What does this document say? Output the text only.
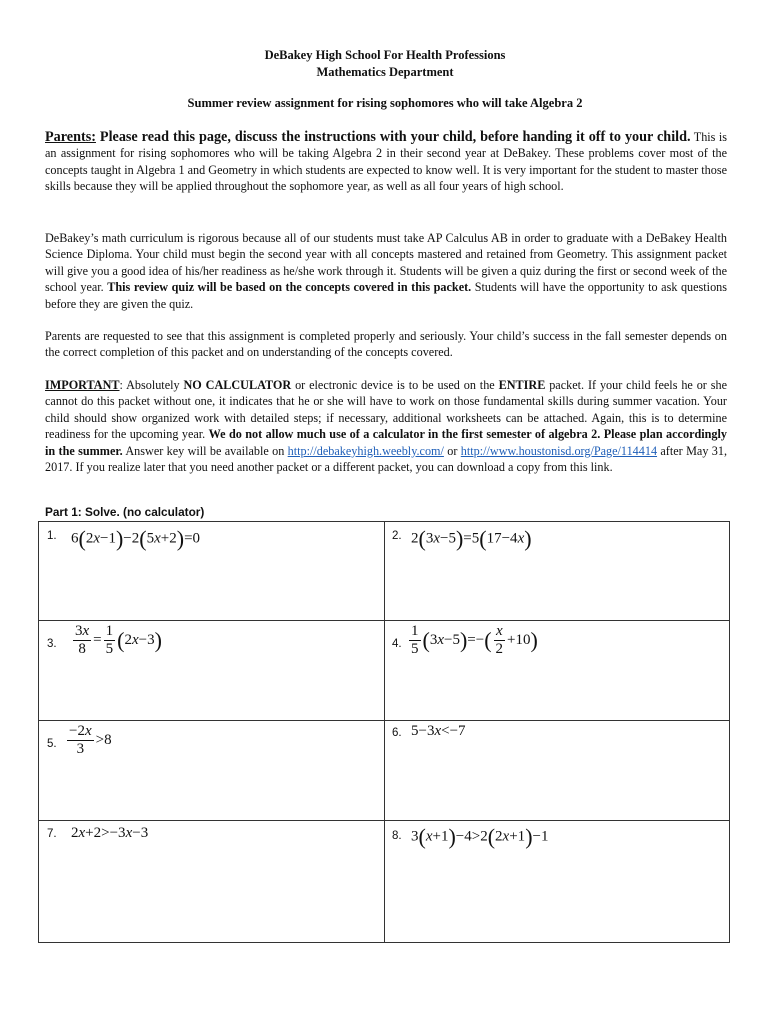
DeBakey High School For Health Professions
Mathematics Department
Summer review assignment for rising sophomores who will take Algebra 2
Parents: Please read this page, discuss the instructions with your child, before handing it off to your child. This is an assignment for rising sophomores who will be taking Algebra 2 in their second year at DeBakey. These problems cover most of the concepts taught in Algebra 1 and Geometry in which students are expected to know well. It is very important for the student to master those skills because they will be applied throughout the sophomore year, as well as all four years of high school.
DeBakey’s math curriculum is rigorous because all of our students must take AP Calculus AB in order to graduate with a DeBakey Health Science Diploma. Your child must begin the second year with all concepts mastered and retained from Geometry. This assignment packet will give you a good idea of his/her readiness as he/she work through it. Students will be given a quiz during the first or second week of the school year. This review quiz will be based on the concepts covered in this packet. Students will have the opportunity to ask questions before they are given the quiz.
Parents are requested to see that this assignment is completed properly and seriously. Your child’s success in the fall semester depends on the correct completion of this packet and on understanding of the concepts covered.
IMPORTANT: Absolutely NO CALCULATOR or electronic device is to be used on the ENTIRE packet. If your child feels he or she cannot do this packet without one, it indicates that he or she will have to work on those fundamental skills during summer vacation. Your child should show organized work with detailed steps; if necessary, additional worksheets can be attached. Again, this is to determine readiness for the upcoming year. We do not allow much use of a calculator in the first semester of algebra 2. Please plan accordingly in the summer. Answer key will be available on http://debakeyhigh.weebly.com/ or http://www.houstonisd.org/Page/114414 after May 31, 2017. If you realize later that you need another packet or a different packet, you can download a copy from this link.
Part 1: Solve. (no calculator)
1. 6(2x−1)−2(5x+2)=0	2. 2(3x−5)=5(17−4x)
3. $\frac{3x}{8} = \frac{1}{5} (2x-3)$	4. $\frac{1}{5} (3x-5)=-( \frac{x}{2} +10)$
5. $\frac{-2x}{3} >8$	6. 5−3x<−7
7. 2x+2>−3x−3	8. 3(x+1)−4>2(2x+1)−1
